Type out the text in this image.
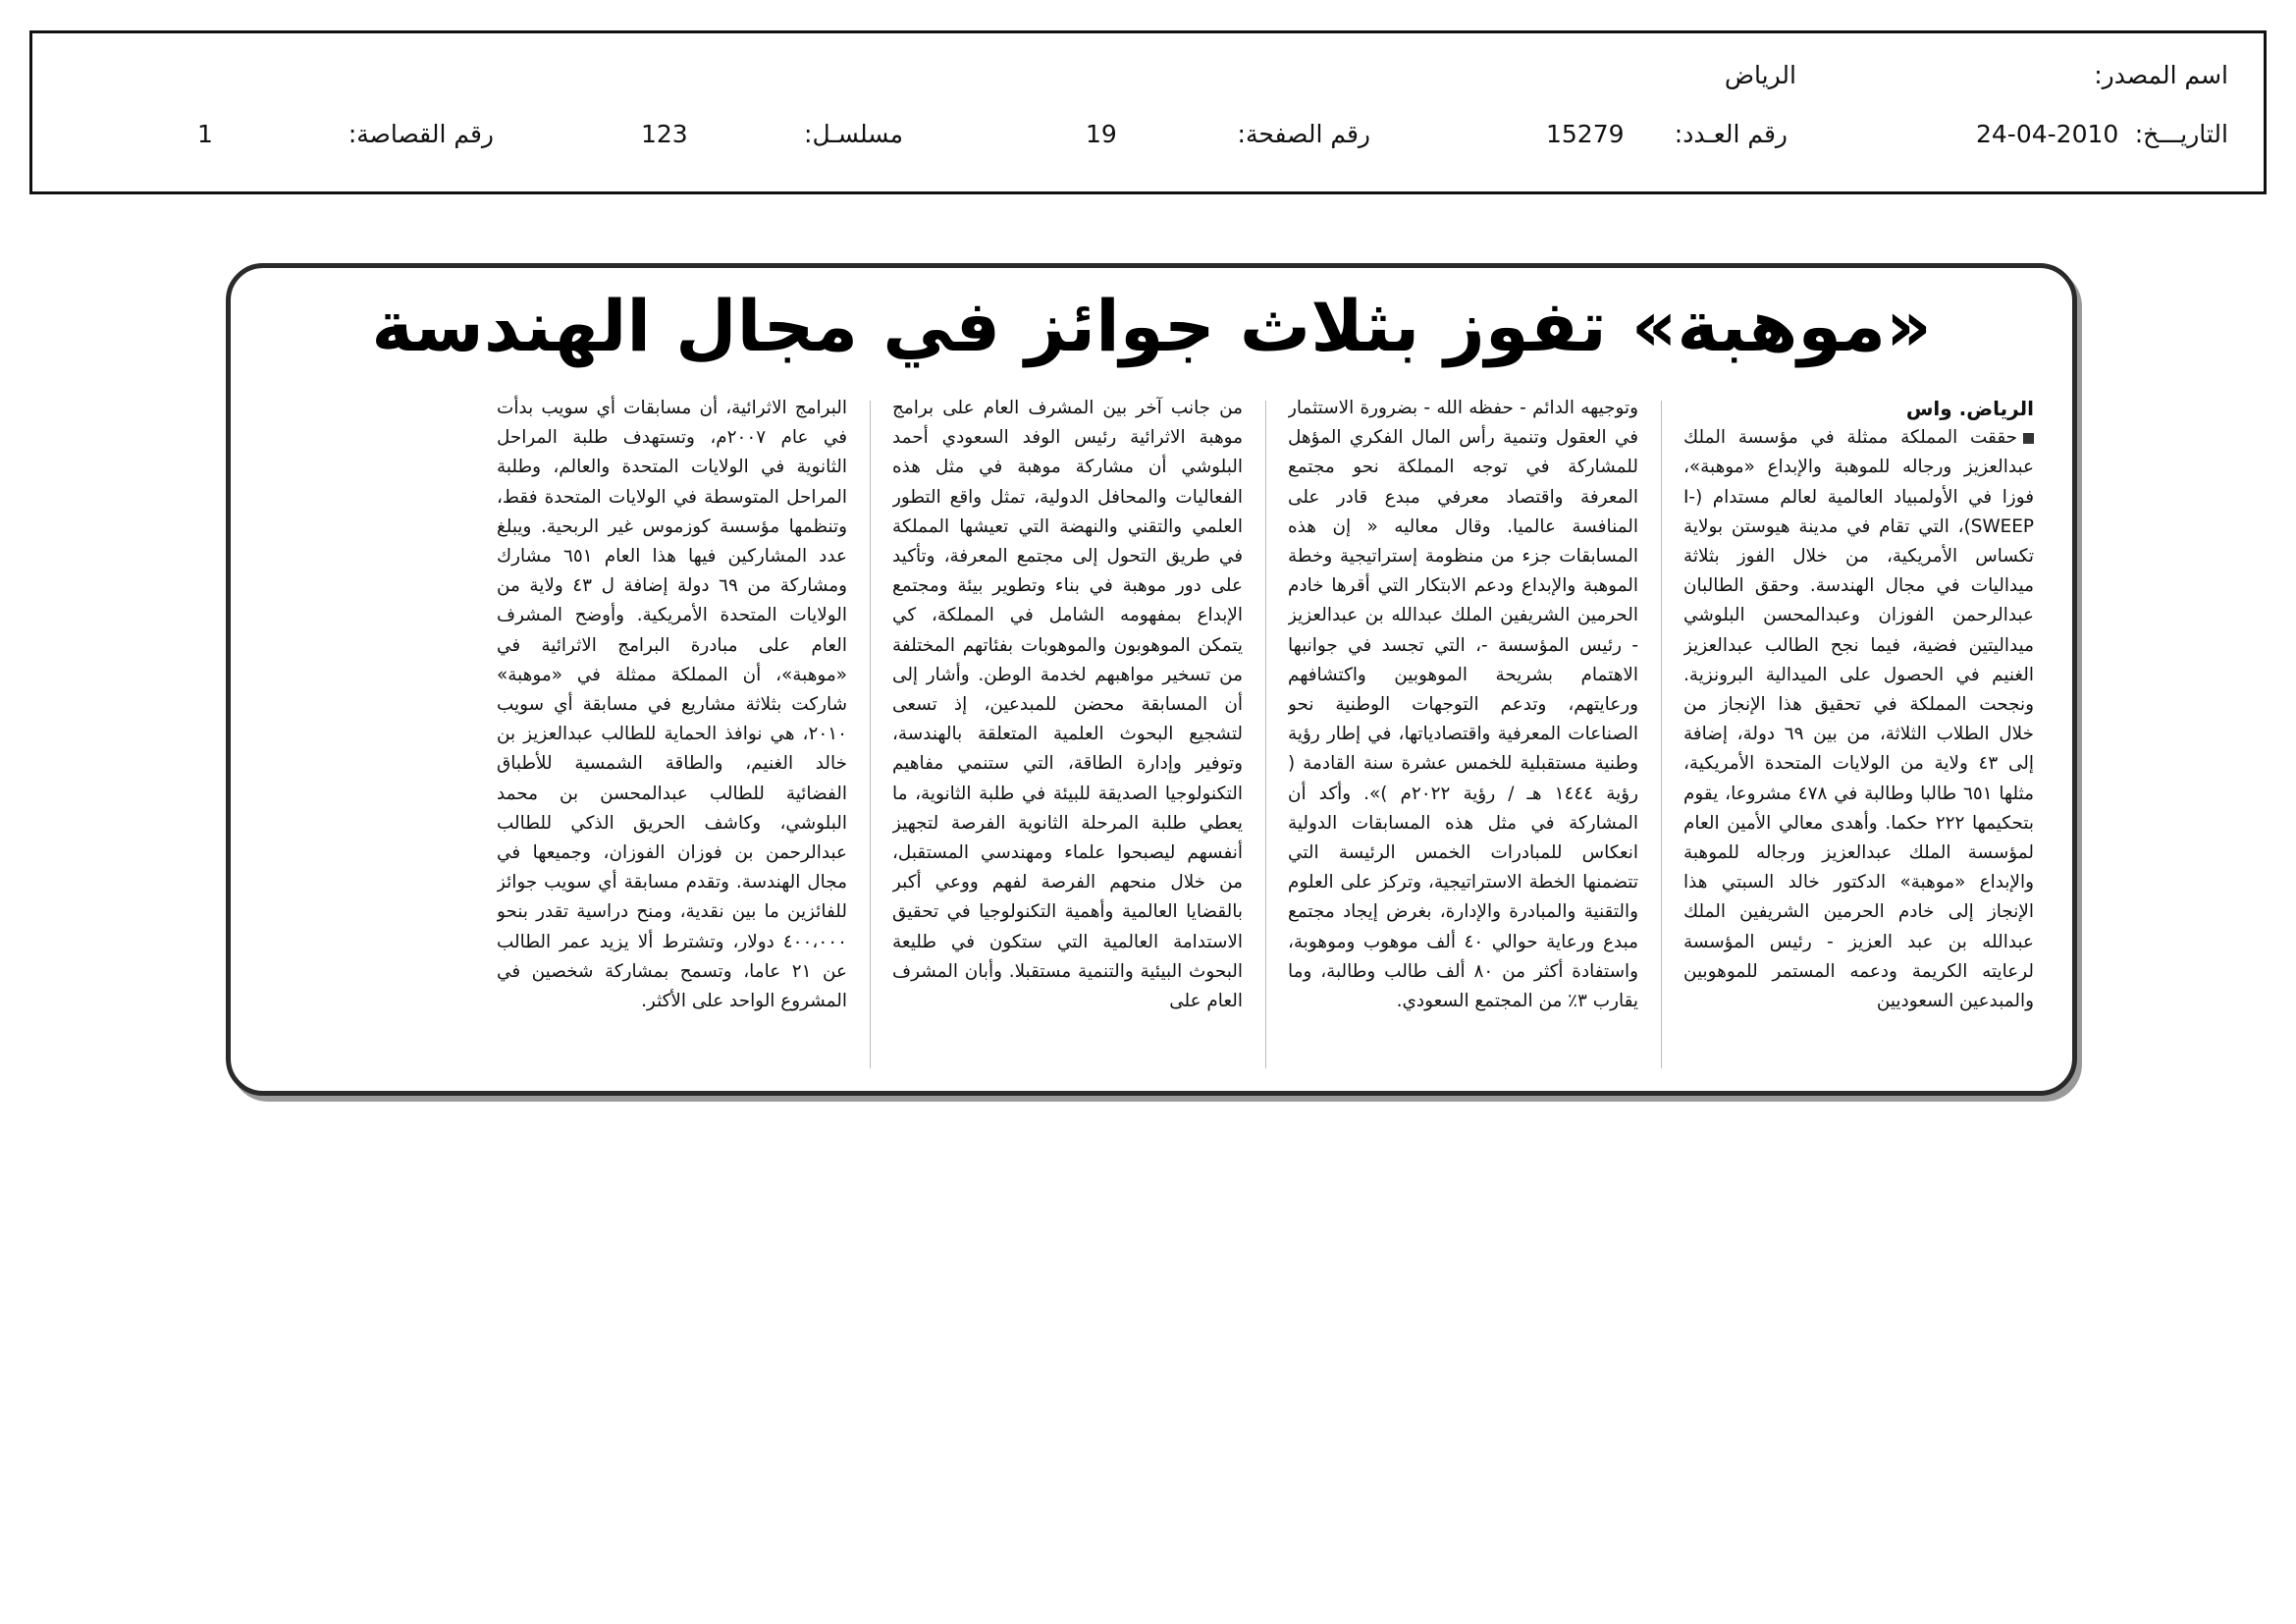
اسم المصدر:
الرياض
التاريـــخ:
24-04-2010
رقم العـدد:
15279
رقم الصفحة:
19
مسلسـل:
123
رقم القصاصة:
1
«موهبة» تفوز بثلاث جوائز في مجال الهندسة
الرياض. واس

حققت المملكة ممثلة في مؤسسة الملك عبدالعزيز ورجاله للموهبة والإبداع «موهبة»، فوزا في الأولمبياد العالمية لعالم مستدام (I-SWEEP)، التي تقام في مدينة هيوستن بولاية تكساس الأمريكية، من خلال الفوز بثلاثة ميداليات في مجال الهندسة. وحقق الطالبان عبدالرحمن الفوزان وعبدالمحسن البلوشي ميداليتين فضية، فيما نجح الطالب عبدالعزيز الغنيم في الحصول على الميدالية البرونزية. ونجحت المملكة في تحقيق هذا الإنجاز من خلال الطلاب الثلاثة، من بين ٦٩ دولة، إضافة إلى ٤٣ ولاية من الولايات المتحدة الأمريكية، مثلها ٦٥١ طالبا وطالبة في ٤٧٨ مشروعا، يقوم بتحكيمها ٢٢٢ حكما. وأهدى معالي الأمين العام لمؤسسة الملك عبدالعزيز ورجاله للموهبة والإبداع «موهبة» الدكتور خالد السبتي هذا الإنجاز إلى خادم الحرمين الشريفين الملك عبدالله بن عبد العزيز - رئيس المؤسسة لرعايته الكريمة ودعمه المستمر للموهوبين والمبدعين السعوديين

وتوجيهه الدائم - حفظه الله - بضرورة الاستثمار في العقول وتنمية رأس المال الفكري المؤهل للمشاركة في توجه المملكة نحو مجتمع المعرفة واقتصاد معرفي مبدع قادر على المنافسة عالميا. وقال معاليه « إن هذه المسابقات جزء من منظومة إستراتيجية وخطة الموهبة والإبداع ودعم الابتكار التي أقرها خادم الحرمين الشريفين الملك عبدالله بن عبدالعزيز - رئيس المؤسسة -، التي تجسد في جوانبها الاهتمام بشريحة الموهوبين واكتشافهم ورعايتهم، وتدعم التوجهات الوطنية نحو الصناعات المعرفية واقتصادياتها، في إطار رؤية وطنية مستقبلية للخمس عشرة سنة القادمة ( رؤية ١٤٤٤ هـ / رؤية ٢٠٢٢م )». وأكد أن المشاركة في مثل هذه المسابقات الدولية انعكاس للمبادرات الخمس الرئيسة التي تتضمنها الخطة الاستراتيجية، وتركز على العلوم والتقنية والمبادرة والإدارة، بغرض إيجاد مجتمع مبدع ورعاية حوالي ٤٠ ألف موهوب وموهوبة، واستفادة أكثر من ٨٠ ألف طالب وطالبة، وما يقارب ٣٪ من المجتمع السعودي.

من جانب آخر بين المشرف العام على برامج موهبة الاثرائية رئيس الوفد السعودي أحمد البلوشي أن مشاركة موهبة في مثل هذه الفعاليات والمحافل الدولية، تمثل واقع التطور العلمي والتقني والنهضة التي تعيشها المملكة في طريق التحول إلى مجتمع المعرفة، وتأكيد على دور موهبة في بناء وتطوير بيئة ومجتمع الإبداع بمفهومه الشامل في المملكة، كي يتمكن الموهوبون والموهوبات بفئاتهم المختلفة من تسخير مواهبهم لخدمة الوطن. وأشار إلى أن المسابقة محضن للمبدعين، إذ تسعى لتشجيع البحوث العلمية المتعلقة بالهندسة، وتوفير وإدارة الطاقة، التي ستنمي مفاهيم التكنولوجيا الصديقة للبيئة في طلبة الثانوية، ما يعطي طلبة المرحلة الثانوية الفرصة لتجهيز أنفسهم ليصبحوا علماء ومهندسي المستقبل، من خلال منحهم الفرصة لفهم ووعي أكبر بالقضايا العالمية وأهمية التكنولوجيا في تحقيق الاستدامة العالمية التي ستكون في طليعة البحوث البيئية والتنمية مستقبلا. وأبان المشرف العام على

البرامج الاثرائية، أن مسابقات أي سويب بدأت في عام ٢٠٠٧م، وتستهدف طلبة المراحل الثانوية في الولايات المتحدة والعالم، وطلبة المراحل المتوسطة في الولايات المتحدة فقط، وتنظمها مؤسسة كوزموس غير الربحية. ويبلغ عدد المشاركين فيها هذا العام ٦٥١ مشارك ومشاركة من ٦٩ دولة إضافة ل ٤٣ ولاية من الولايات المتحدة الأمريكية. وأوضح المشرف العام على مبادرة البرامج الاثرائية في «موهبة»، أن المملكة ممثلة في «موهبة» شاركت بثلاثة مشاريع في مسابقة أي سويب ٢٠١٠، هي نوافذ الحماية للطالب عبدالعزيز بن خالد الغنيم، والطاقة الشمسية للأطباق الفضائية للطالب عبدالمحسن بن محمد البلوشي، وكاشف الحريق الذكي للطالب عبدالرحمن بن فوزان الفوزان، وجميعها في مجال الهندسة. وتقدم مسابقة أي سويب جوائز للفائزين ما بين نقدية، ومنح دراسية تقدر بنحو ٤٠٠،٠٠٠ دولار، وتشترط ألا يزيد عمر الطالب عن ٢١ عاما، وتسمح بمشاركة شخصين في المشروع الواحد على الأكثر.
